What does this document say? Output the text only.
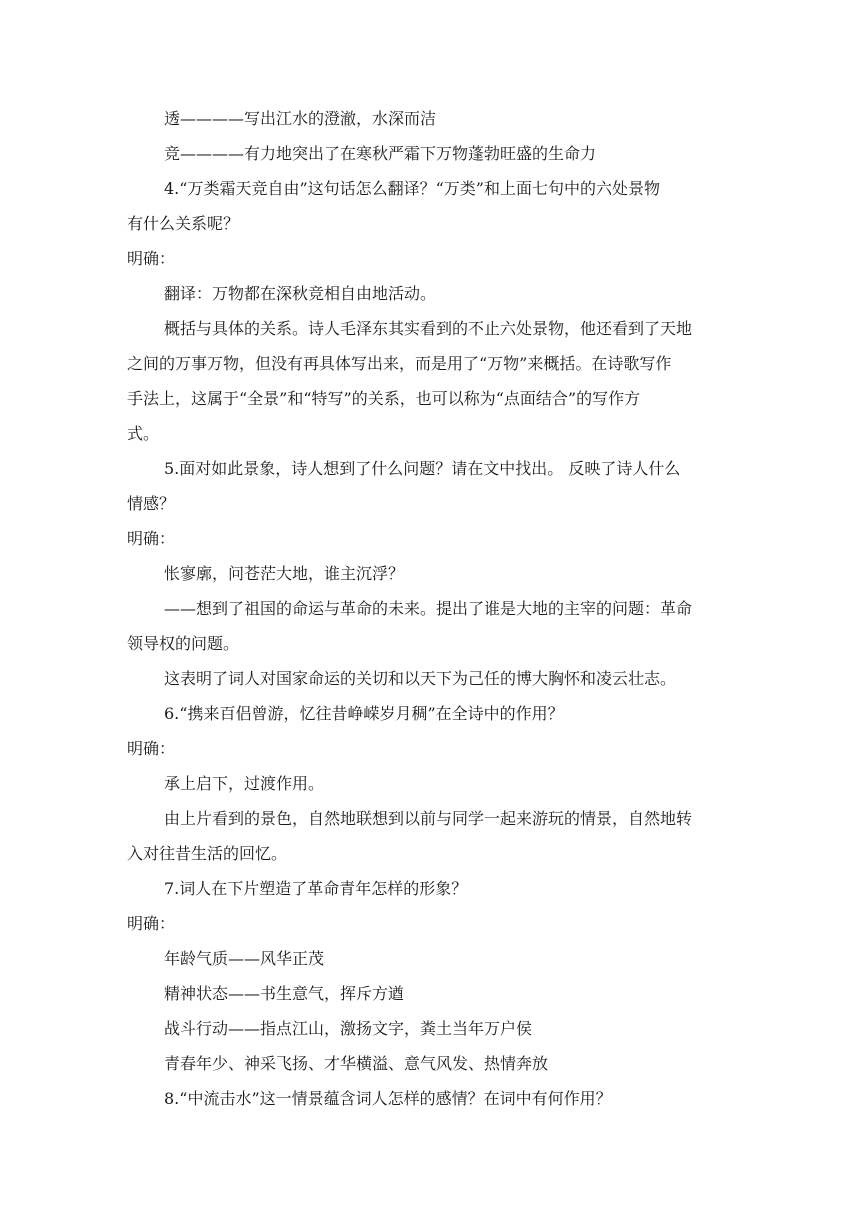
透————写出江水的澄澈，水深而洁
竞————有力地突出了在寒秋严霜下万物蓬勃旺盛的生命力
4.“万类霜天竞自由”这句话怎么翻译？“万类”和上面七句中的六处景物
有什么关系呢？
明确：
翻译：万物都在深秋竞相自由地活动。
概括与具体的关系。诗人毛泽东其实看到的不止六处景物，他还看到了天地
之间的万事万物，但没有再具体写出来，而是用了“万物”来概括。在诗歌写作
手法上，这属于“全景”和“特写”的关系，也可以称为“点面结合”的写作方
式。
5.面对如此景象，诗人想到了什么问题？请在文中找出。 反映了诗人什么
情感？
明确：
怅寥廓，问苍茫大地，谁主沉浮？
——想到了祖国的命运与革命的未来。提出了谁是大地的主宰的问题：革命
领导权的问题。
这表明了词人对国家命运的关切和以天下为己任的博大胸怀和凌云壮志。
6.“携来百侣曾游，忆往昔峥嵘岁月稠”在全诗中的作用？
明确：
承上启下，过渡作用。
由上片看到的景色，自然地联想到以前与同学一起来游玩的情景，自然地转
入对往昔生活的回忆。
7.词人在下片塑造了革命青年怎样的形象？
明确：
年龄气质——风华正茂
精神状态——书生意气，挥斥方遒
战斗行动——指点江山，激扬文字，粪土当年万户侯
青春年少、神采飞扬、才华横溢、意气风发、热情奔放
8.“中流击水”这一情景蕴含词人怎样的感情？在词中有何作用？
